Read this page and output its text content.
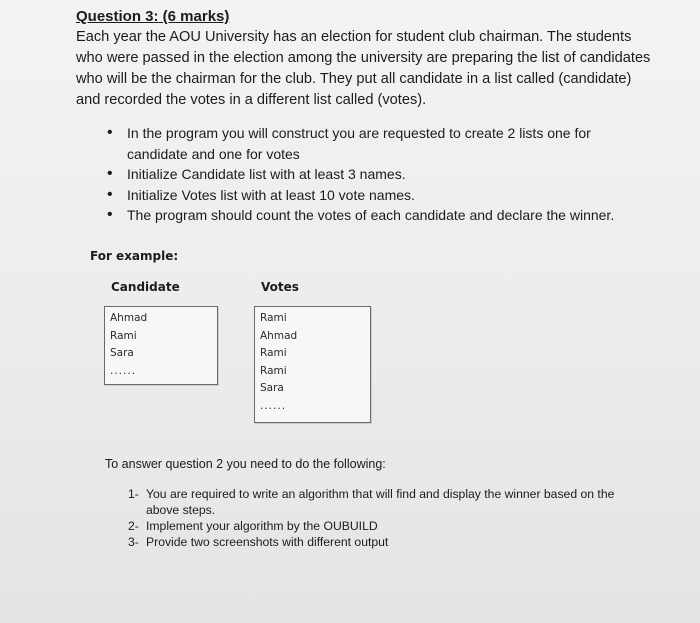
Question 3: (6 marks)

Each year the AOU University has an election for student club chairman. The students who were passed in the election among the university are preparing the list of candidates who will be the chairman for the club. They put all candidate in a list called (candidate) and recorded the votes in a different list called (votes).

• In the program you will construct you are requested to create 2 lists one for candidate and one for votes
• Initialize Candidate list with at least 3 names.
• Initialize Votes list with at least 10 vote names.
• The program should count the votes of each candidate and declare the winner.
For example:
Candidate	Votes
Ahmad
Rami
Sara
......
Rami
Ahmad
Rami
Rami
Sara
......
To answer question 2 you need to do the following:
1- You are required to write an algorithm that will find and display the winner based on the above steps.
2- Implement your algorithm by the OUBUILD
3- Provide two screenshots with different output
